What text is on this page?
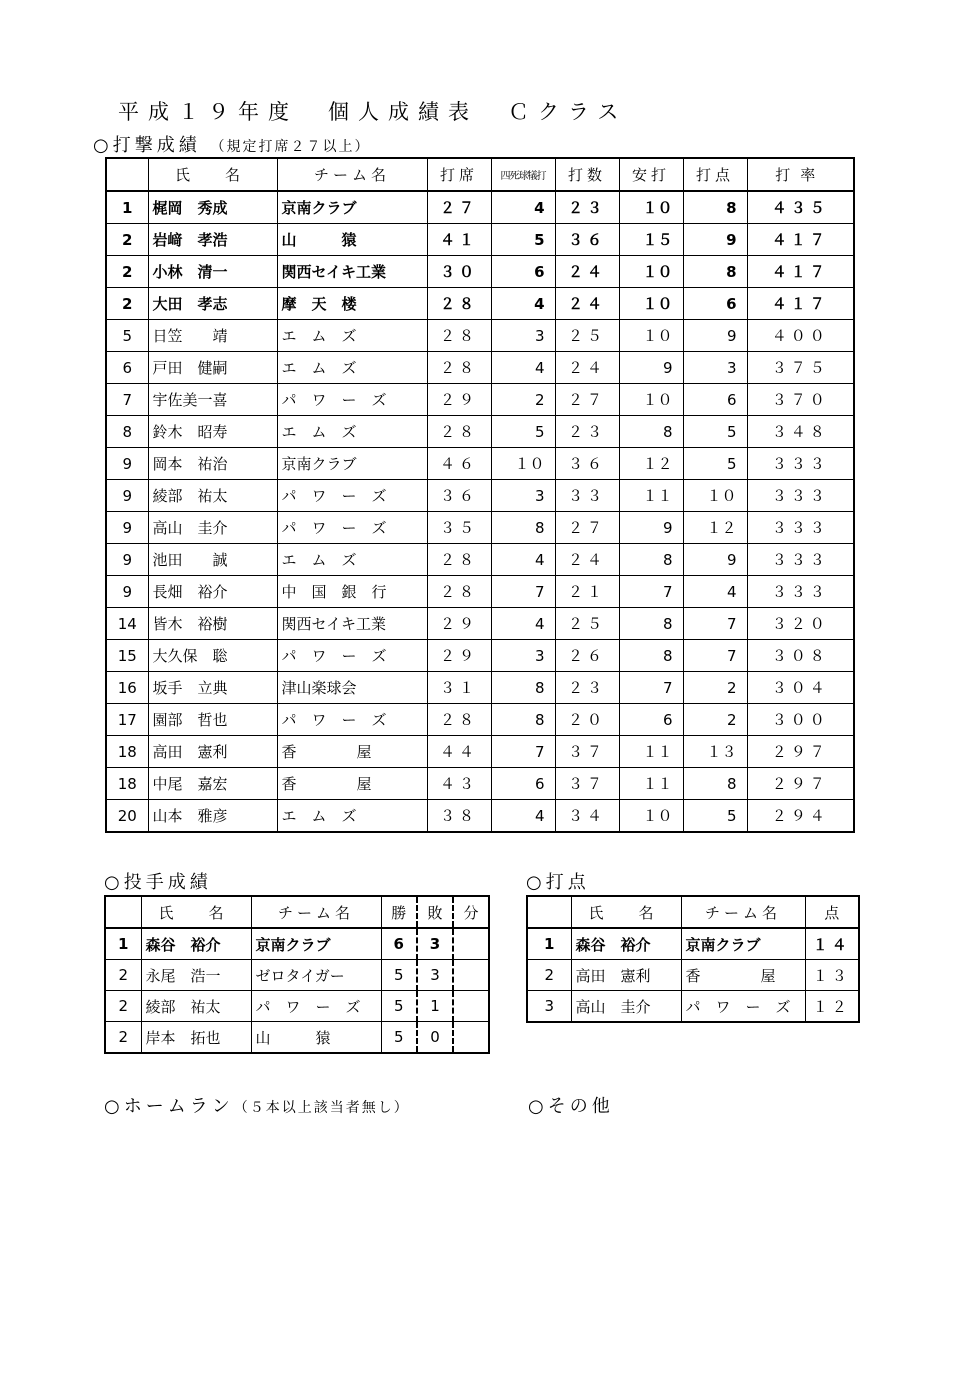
平成１９年度　個人成績表　Ｃクラス
○打撃成績 （規定打席２７以上）
	氏　名	チーム名	打席	四死球犠打	打数	安打	打点	打率
1	梶岡　秀成	京南クラブ	２７	4	２３	１０	8	４３５
2	岩﨑　孝浩	山　　　猿	４１	5	３６	１５	9	４１７
2	小林　清一	関西セイキ工業	３０	6	２４	１０	8	４１７
2	大田　孝志	摩　天　楼	２８	4	２４	１０	6	４１７
5	日笠　　靖	エ　ム　ズ	２８	3	２５	１０	9	４００
6	戸田　健嗣	エ　ム　ズ	２８	4	２４	9	3	３７５
7	宇佐美一喜	パ　ワ　ー　ズ	２９	2	２７	１０	6	３７０
8	鈴木　昭寿	エ　ム　ズ	２８	5	２３	8	5	３４８
9	岡本　祐治	京南クラブ	４６	１０	３６	１２	5	３３３
9	綾部　祐太	パ　ワ　ー　ズ	３６	3	３３	１１	１０	３３３
9	高山　圭介	パ　ワ　ー　ズ	３５	8	２７	9	１２	３３３
9	池田　　誠	エ　ム　ズ	２８	4	２４	8	9	３３３
9	長畑　裕介	中　国　銀　行	２８	7	２１	7	4	３３３
14	皆木　裕樹	関西セイキ工業	２９	4	２５	8	7	３２０
15	大久保　聡	パ　ワ　ー　ズ	２９	3	２６	8	7	３０８
16	坂手　立典	津山楽球会	３１	8	２３	7	2	３０４
17	園部　哲也	パ　ワ　ー　ズ	２８	8	２０	6	2	３００
18	高田　憲利	香　　　　屋	４４	7	３７	１１	１３	２９７
18	中尾　嘉宏	香　　　　屋	４３	6	３７	１１	8	２９７
20	山本　雅彦	エ　ム　ズ	３８	4	３４	１０	5	２９４
○投手成績
	氏　名	チーム名	勝	敗	分
1	森谷　裕介	京南クラブ	6	3	
2	永尾　浩一	ゼロタイガー	5	3	
2	綾部　祐太	パ　ワ　ー　ズ	5	1	
2	岸本　拓也	山　　　猿	5	0	
○打点
	氏　名	チーム名	点
1	森谷　裕介	京南クラブ	１４
2	高田　憲利	香　　　　屋	１３
3	高山　圭介	パ　ワ　ー　ズ	１２
○ホームラン（５本以上該当者無し）	○その他
